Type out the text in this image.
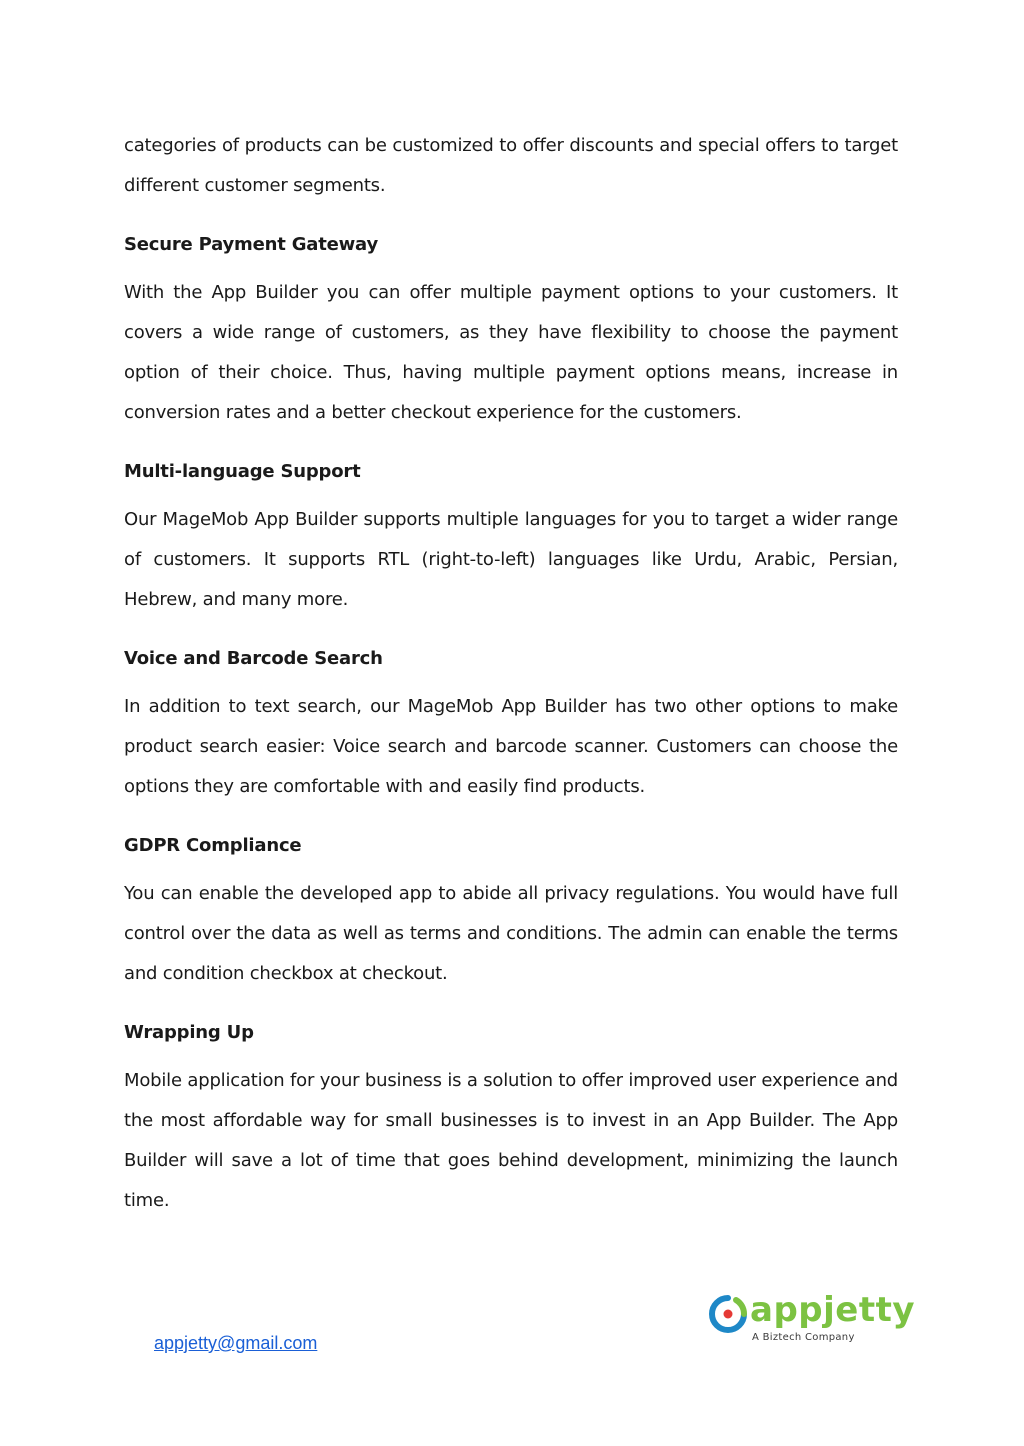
categories of products can be customized to offer discounts and special offers to target different customer segments.

Secure Payment Gateway

With the App Builder you can offer multiple payment options to your customers. It covers a wide range of customers, as they have flexibility to choose the payment option of their choice. Thus, having multiple payment options means, increase in conversion rates and a better checkout experience for the customers.

Multi-language Support

Our MageMob App Builder supports multiple languages for you to target a wider range of customers. It supports RTL (right-to-left) languages like Urdu, Arabic, Persian, Hebrew, and many more.

Voice and Barcode Search

In addition to text search, our MageMob App Builder has two other options to make product search easier: Voice search and barcode scanner. Customers can choose the options they are comfortable with and easily find products.

GDPR Compliance

You can enable the developed app to abide all privacy regulations. You would have full control over the data as well as terms and conditions. The admin can enable the terms and condition checkbox at checkout.

Wrapping Up

Mobile application for your business is a solution to offer improved user experience and the most affordable way for small businesses is to invest in an App Builder. The App Builder will save a lot of time that goes behind development, minimizing the launch time.

appjetty@gmail.com
appjetty
A Biztech Company
